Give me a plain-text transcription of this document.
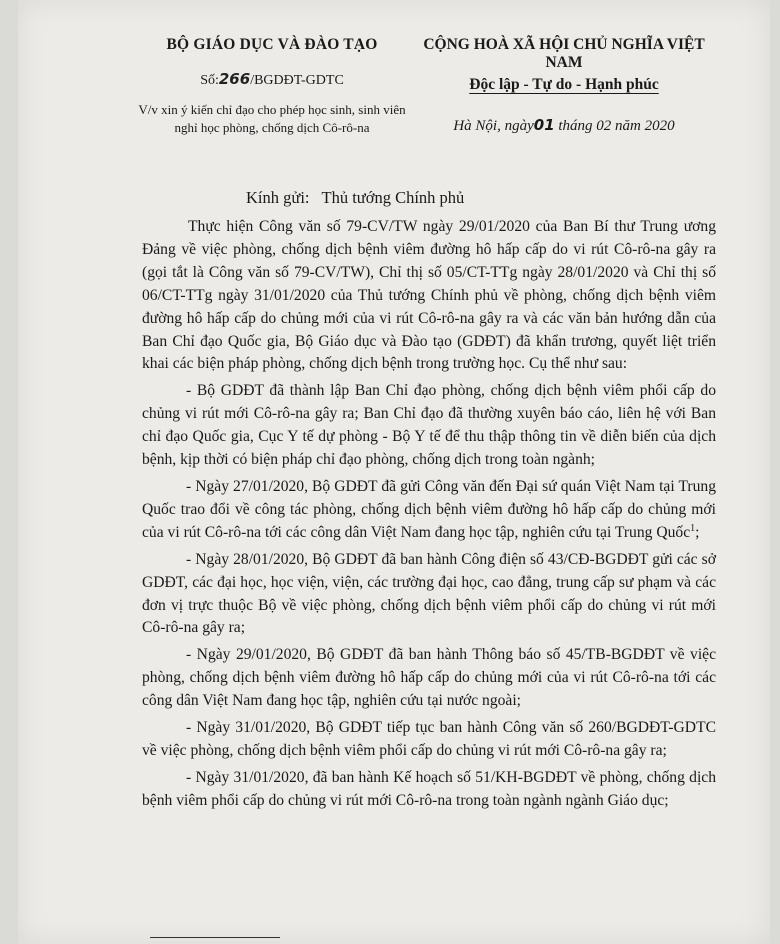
BỘ GIÁO DỤC VÀ ĐÀO TẠO
Số:266/BGDĐT-GDTC
V/v xin ý kiến chỉ đạo cho phép học sinh, sinh viên nghỉ học phòng, chống dịch Cô-rô-na
CỘNG HOÀ XÃ HỘI CHỦ NGHĨA VIỆT NAM
Độc lập - Tự do - Hạnh phúc
Hà Nội, ngày01 tháng 02 năm 2020
Kính gửi: Thủ tướng Chính phủ

Thực hiện Công văn số 79-CV/TW ngày 29/01/2020 của Ban Bí thư Trung ương Đảng về việc phòng, chống dịch bệnh viêm đường hô hấp cấp do vi rút Cô-rô-na gây ra (gọi tắt là Công văn số 79-CV/TW), Chỉ thị số 05/CT-TTg ngày 28/01/2020 và Chỉ thị số 06/CT-TTg ngày 31/01/2020 của Thủ tướng Chính phủ về phòng, chống dịch bệnh viêm đường hô hấp cấp do chủng mới của vi rút Cô-rô-na gây ra và các văn bản hướng dẫn của Ban Chỉ đạo Quốc gia, Bộ Giáo dục và Đào tạo (GDĐT) đã khẩn trương, quyết liệt triển khai các biện pháp phòng, chống dịch bệnh trong trường học. Cụ thể như sau:

- Bộ GDĐT đã thành lập Ban Chỉ đạo phòng, chống dịch bệnh viêm phổi cấp do chủng vi rút mới Cô-rô-na gây ra; Ban Chỉ đạo đã thường xuyên báo cáo, liên hệ với Ban chỉ đạo Quốc gia, Cục Y tế dự phòng - Bộ Y tế để thu thập thông tin về diễn biến của dịch bệnh, kịp thời có biện pháp chỉ đạo phòng, chống dịch trong toàn ngành;

- Ngày 27/01/2020, Bộ GDĐT đã gửi Công văn đến Đại sứ quán Việt Nam tại Trung Quốc trao đổi về công tác phòng, chống dịch bệnh viêm đường hô hấp cấp do chủng mới của vi rút Cô-rô-na tới các công dân Việt Nam đang học tập, nghiên cứu tại Trung Quốc$^1$;

- Ngày 28/01/2020, Bộ GDĐT đã ban hành Công điện số 43/CĐ-BGDĐT gửi các sở GDĐT, các đại học, học viện, viện, các trường đại học, cao đẳng, trung cấp sư phạm và các đơn vị trực thuộc Bộ về việc phòng, chống dịch bệnh viêm phổi cấp do chủng vi rút mới Cô-rô-na gây ra;

- Ngày 29/01/2020, Bộ GDĐT đã ban hành Thông báo số 45/TB-BGDĐT về việc phòng, chống dịch bệnh viêm đường hô hấp cấp do chủng mới của vi rút Cô-rô-na tới các công dân Việt Nam đang học tập, nghiên cứu tại nước ngoài;

- Ngày 31/01/2020, Bộ GDĐT tiếp tục ban hành Công văn số 260/BGDĐT-GDTC về việc phòng, chống dịch bệnh viêm phổi cấp do chủng vi rút mới Cô-rô-na gây ra;

- Ngày 31/01/2020, đã ban hành Kế hoạch số 51/KH-BGDĐT về phòng, chống dịch bệnh viêm phổi cấp do chủng vi rút mới Cô-rô-na trong toàn ngành ngành Giáo dục;
